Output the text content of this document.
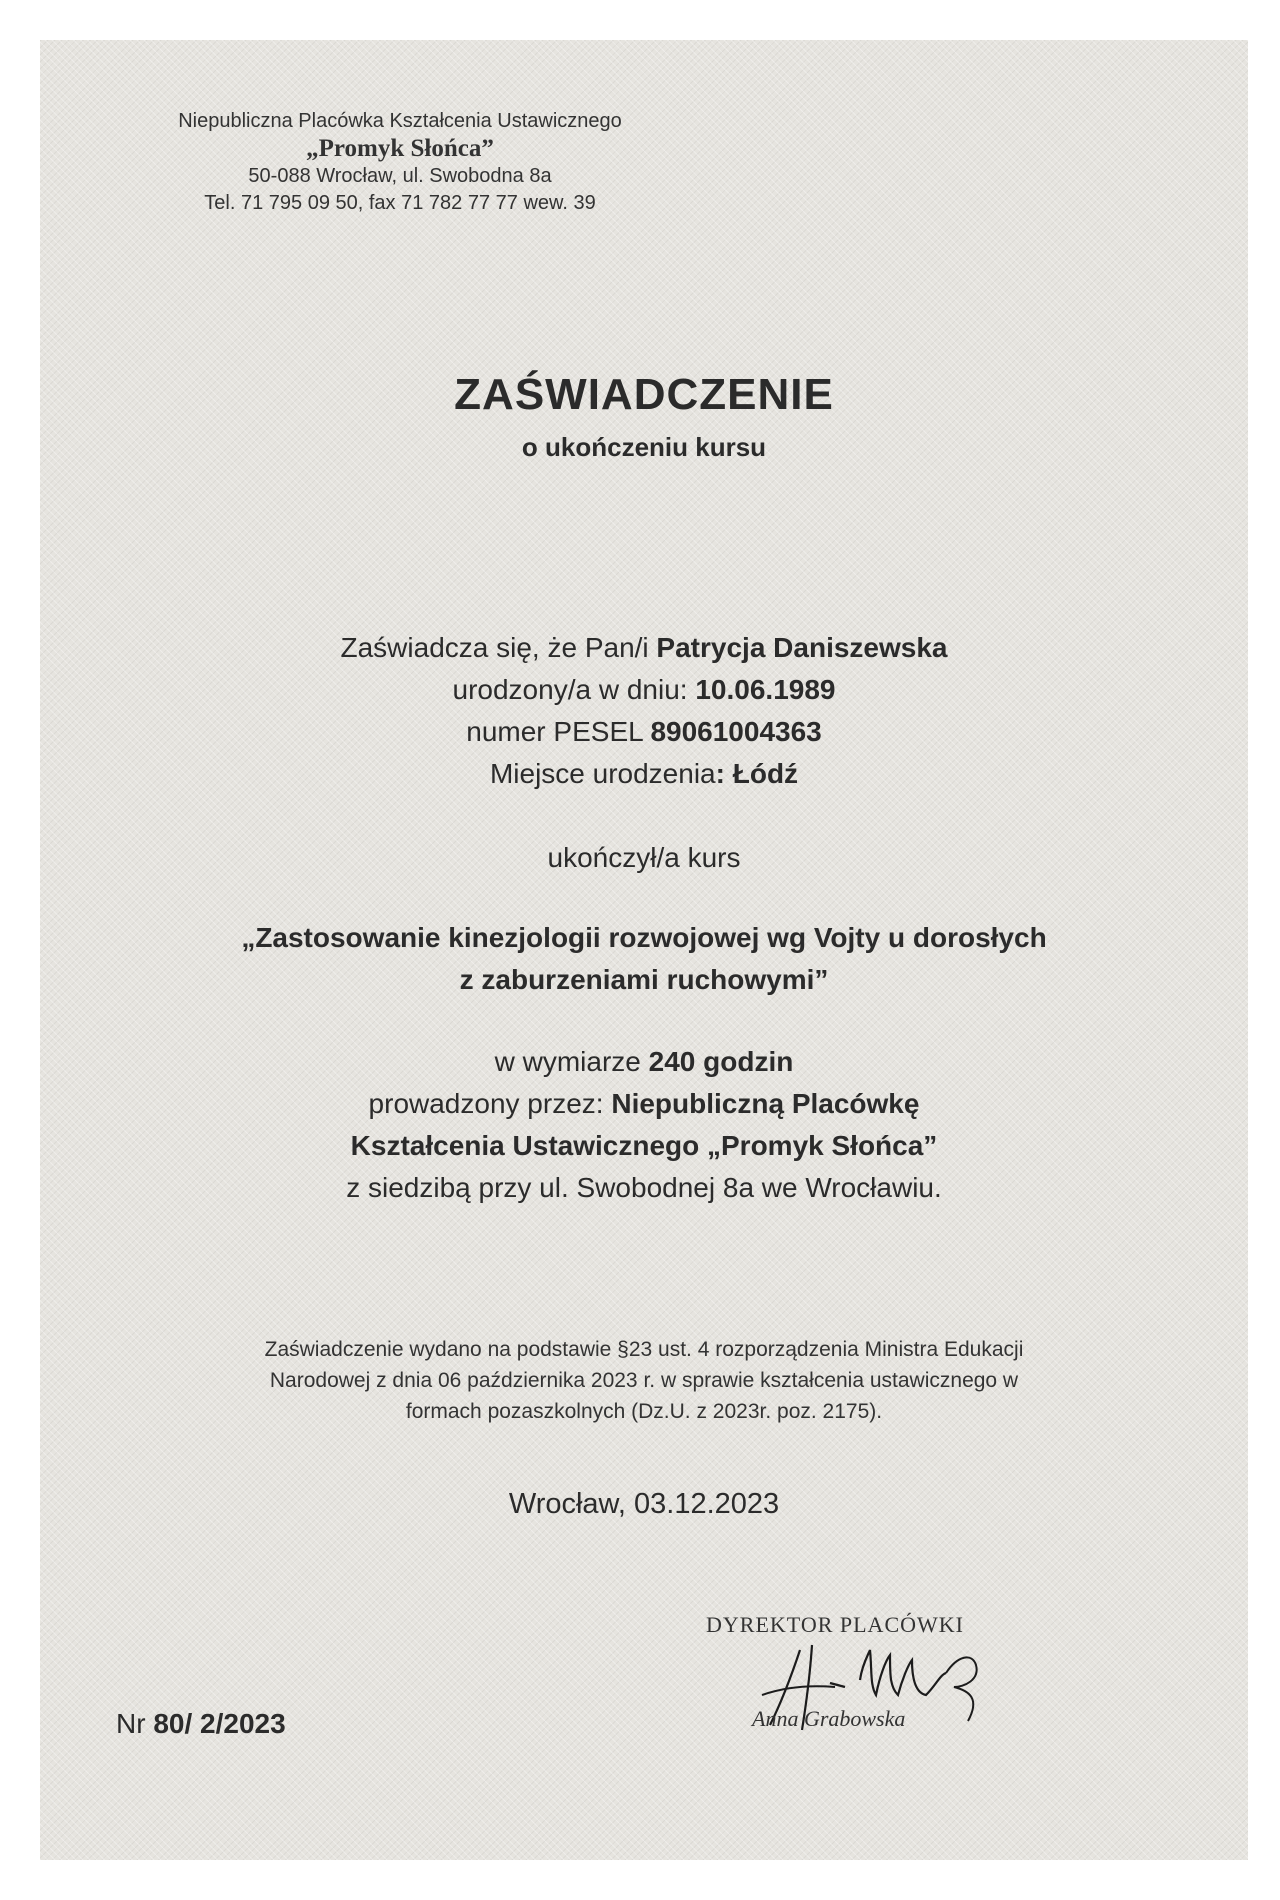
Niepubliczna Placówka Kształcenia Ustawicznego
„Promyk Słońca”
50-088 Wrocław, ul. Swobodna 8a
Tel. 71 795 09 50, fax 71 782 77 77 wew. 39
ZAŚWIADCZENIE
o ukończeniu kursu
Zaświadcza się, że Pan/i Patrycja Daniszewska
urodzony/a w dniu: 10.06.1989
numer PESEL 89061004363
Miejsce urodzenia: Łódź
ukończył/a kurs
„Zastosowanie kinezjologii rozwojowej wg Vojty u dorosłych
z zaburzeniami ruchowymi”
w wymiarze 240 godzin
prowadzony przez: Niepubliczną Placówkę
Kształcenia Ustawicznego „Promyk Słońca”
z siedzibą przy ul. Swobodnej 8a we Wrocławiu.
Zaświadczenie wydano na podstawie §23 ust. 4 rozporządzenia Ministra Edukacji
Narodowej z dnia 06 października 2023 r. w sprawie kształcenia ustawicznego w
formach pozaszkolnych (Dz.U. z 2023r. poz. 2175).
Wrocław, 03.12.2023
Nr 80/ 2/2023
DYREKTOR PLACÓWKI
Anna Grabowska
